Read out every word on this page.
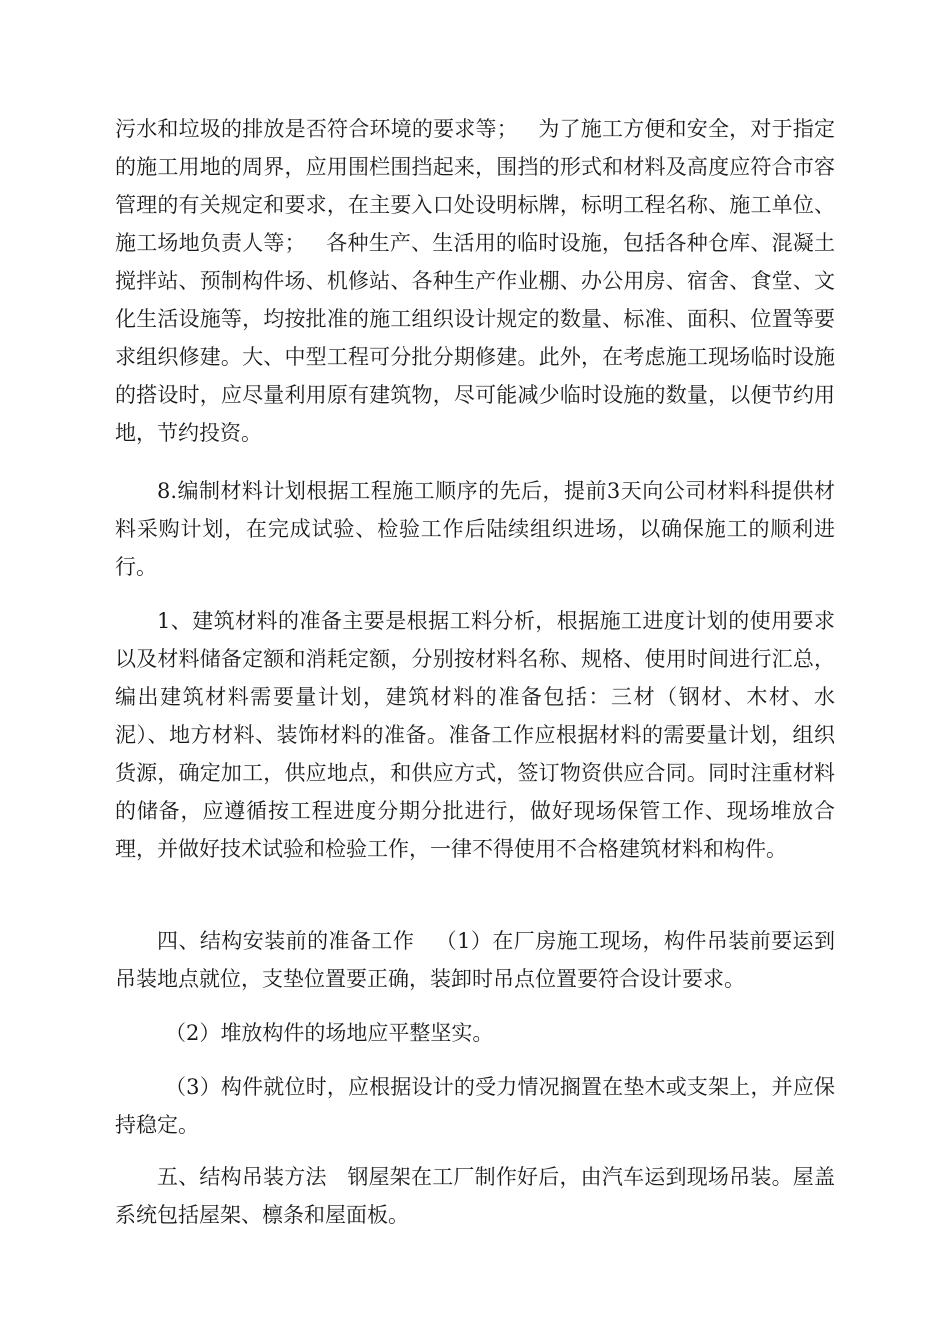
污水和垃圾的排放是否符合环境的要求等；   为了施工方便和安全，对于指定的施工用地的周界，应用围栏围挡起来，围挡的形式和材料及高度应符合市容管理的有关规定和要求，在主要入口处设明标牌，标明工程名称、施工单位、施工场地负责人等；   各种生产、生活用的临时设施，包括各种仓库、混凝土搅拌站、预制构件场、机修站、各种生产作业棚、办公用房、宿舍、食堂、文化生活设施等，均按批准的施工组织设计规定的数量、标准、面积、位置等要求组织修建。大、中型工程可分批分期修建。此外，在考虑施工现场临时设施的搭设时，应尽量利用原有建筑物，尽可能减少临时设施的数量，以便节约用地，节约投资。

8.编制材料计划根据工程施工顺序的先后，提前3天向公司材料科提供材料采购计划，在完成试验、检验工作后陆续组织进场，以确保施工的顺利进行。

1、建筑材料的准备主要是根据工料分析，根据施工进度计划的使用要求以及材料储备定额和消耗定额，分别按材料名称、规格、使用时间进行汇总，编出建筑材料需要量计划，建筑材料的准备包括：三材（钢材、木材、水泥）、地方材料、装饰材料的准备。准备工作应根据材料的需要量计划，组织货源，确定加工，供应地点，和供应方式，签订物资供应合同。同时注重材料的储备，应遵循按工程进度分期分批进行，做好现场保管工作、现场堆放合理，并做好技术试验和检验工作，一律不得使用不合格建筑材料和构件。

四、结构安装前的准备工作   （1）在厂房施工现场，构件吊装前要运到吊装地点就位，支垫位置要正确，装卸时吊点位置要符合设计要求。

（2）堆放构件的场地应平整坚实。

（3）构件就位时，应根据设计的受力情况搁置在垫木或支架上，并应保持稳定。

五、结构吊装方法   钢屋架在工厂制作好后，由汽车运到现场吊装。屋盖系统包括屋架、檩条和屋面板。
